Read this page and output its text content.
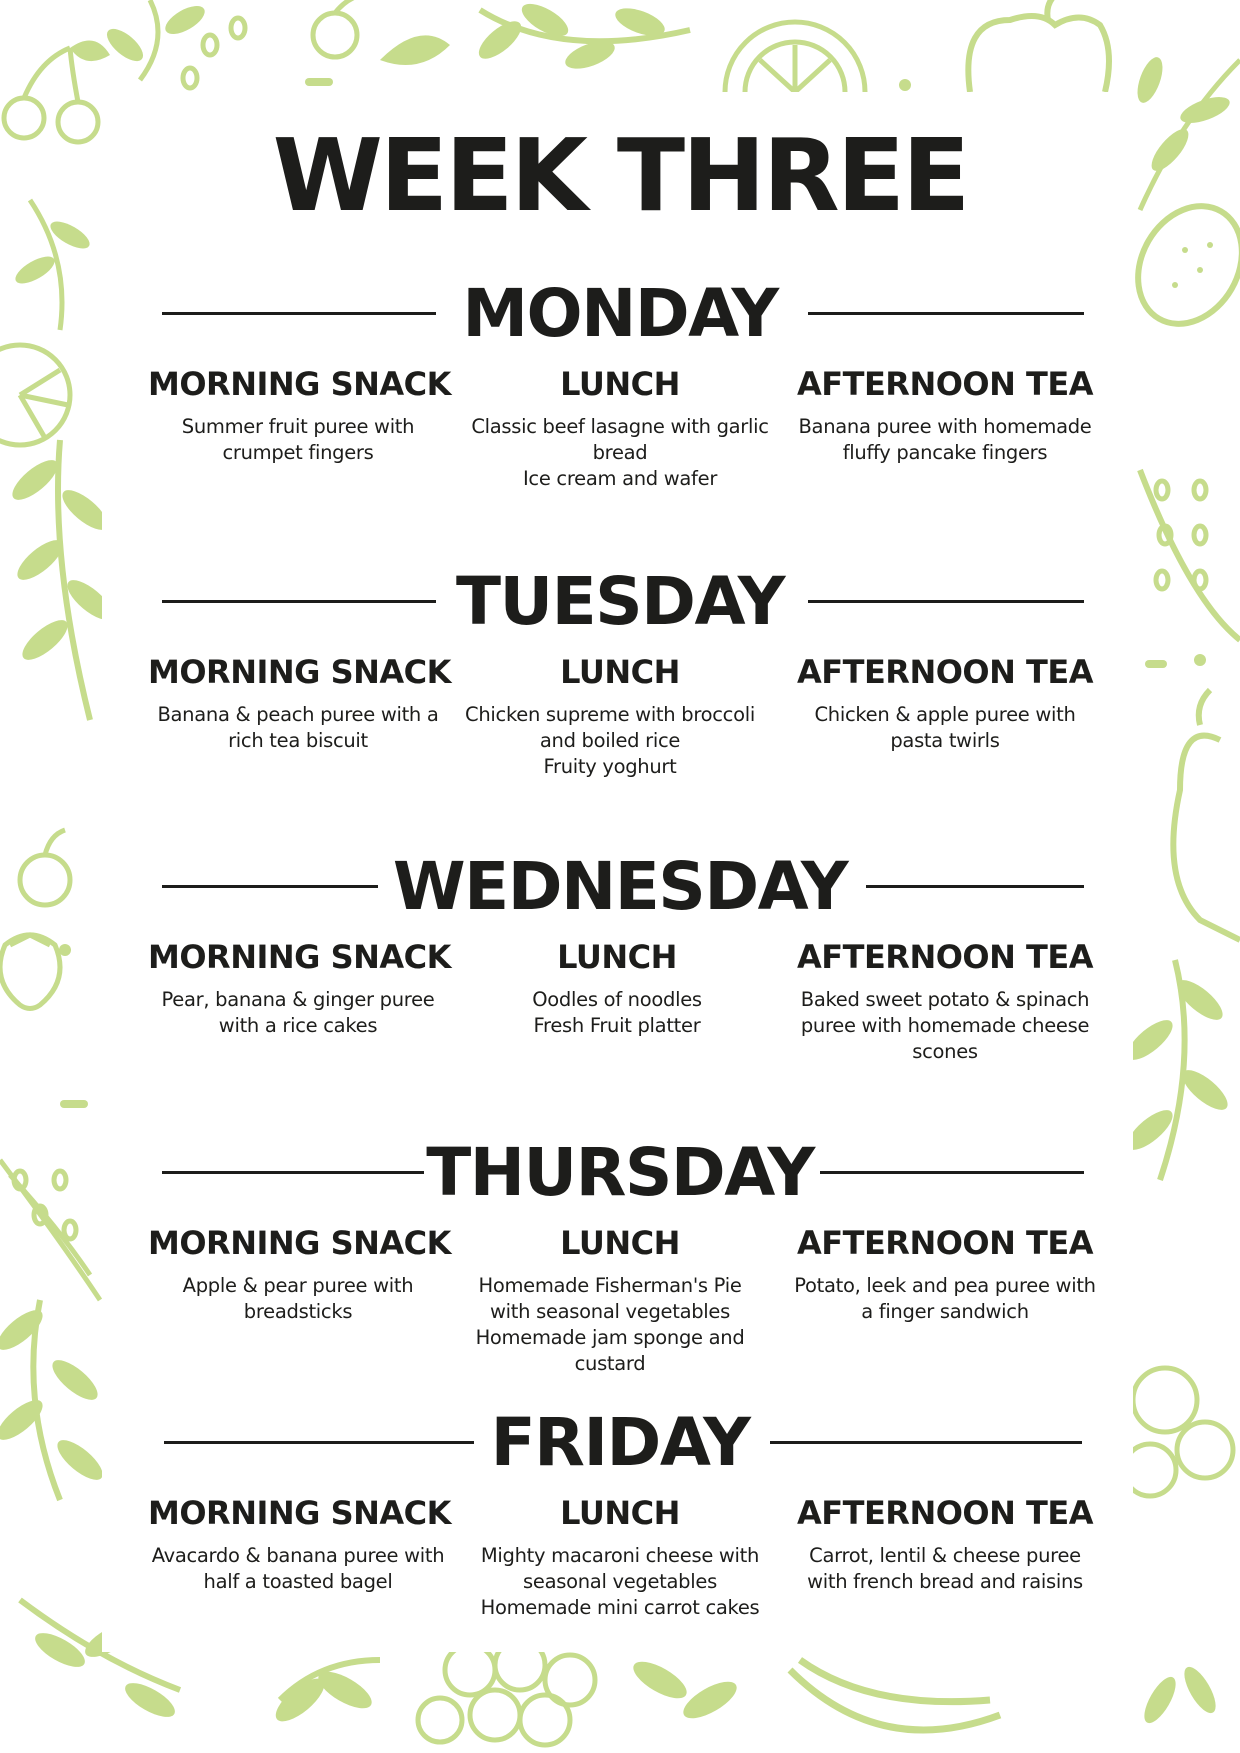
WEEK THREE
MONDAY
MORNING SNACK
Summer fruit puree with
crumpet fingers
LUNCH
Classic beef lasagne with garlic
bread
Ice cream and wafer
AFTERNOON TEA
Banana puree with homemade
fluffy pancake fingers
TUESDAY
MORNING SNACK
Banana & peach puree with a
rich tea biscuit
LUNCH
Chicken supreme with broccoli
and boiled rice
Fruity yoghurt
AFTERNOON TEA
Chicken & apple puree with
pasta twirls
WEDNESDAY
MORNING SNACK
Pear, banana & ginger puree
with a rice cakes
LUNCH
Oodles of noodles
Fresh Fruit platter
AFTERNOON TEA
Baked sweet potato & spinach
puree with homemade cheese
scones
THURSDAY
MORNING SNACK
Apple & pear puree with
breadsticks
LUNCH
Homemade Fisherman's Pie
with seasonal vegetables
Homemade jam sponge and
custard
AFTERNOON TEA
Potato, leek and pea puree with
a finger sandwich
FRIDAY
MORNING SNACK
Avacardo & banana puree with
half a toasted bagel
LUNCH
Mighty macaroni cheese with
seasonal vegetables
Homemade mini carrot cakes
AFTERNOON TEA
Carrot, lentil & cheese puree
with french bread and raisins
